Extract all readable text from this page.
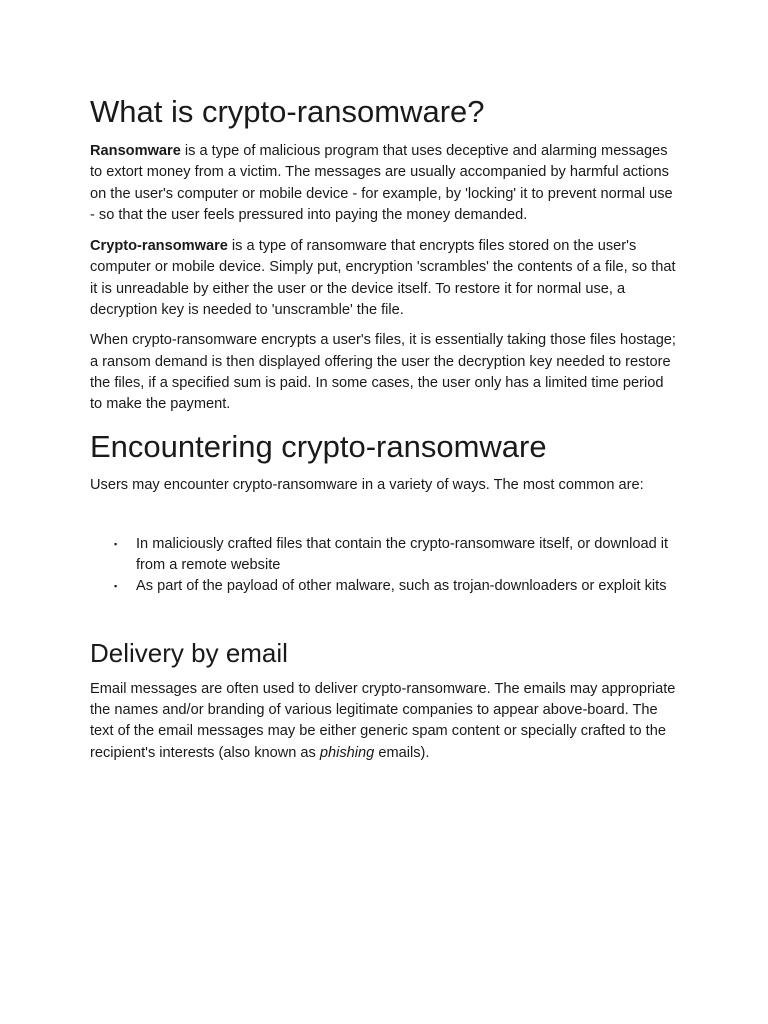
What is crypto-ransomware?

Ransomware is a type of malicious program that uses deceptive and alarming messages to extort money from a victim. The messages are usually accompanied by harmful actions on the user's computer or mobile device - for example, by 'locking' it to prevent normal use - so that the user feels pressured into paying the money demanded.

Crypto-ransomware is a type of ransomware that encrypts files stored on the user's computer or mobile device. Simply put, encryption 'scrambles' the contents of a file, so that it is unreadable by either the user or the device itself. To restore it for normal use, a decryption key is needed to 'unscramble' the file.

When crypto-ransomware encrypts a user's files, it is essentially taking those files hostage; a ransom demand is then displayed offering the user the decryption key needed to restore the files, if a specified sum is paid. In some cases, the user only has a limited time period to make the payment.

Encountering crypto-ransomware

Users may encounter crypto-ransomware in a variety of ways. The most common are:

▪ In maliciously crafted files that contain the crypto-ransomware itself, or download it from a remote website
▪ As part of the payload of other malware, such as trojan-downloaders or exploit kits
Delivery by email

Email messages are often used to deliver crypto-ransomware. The emails may appropriate the names and/or branding of various legitimate companies to appear above-board. The text of the email messages may be either generic spam content or specially crafted to the recipient's interests (also known as phishing emails).
